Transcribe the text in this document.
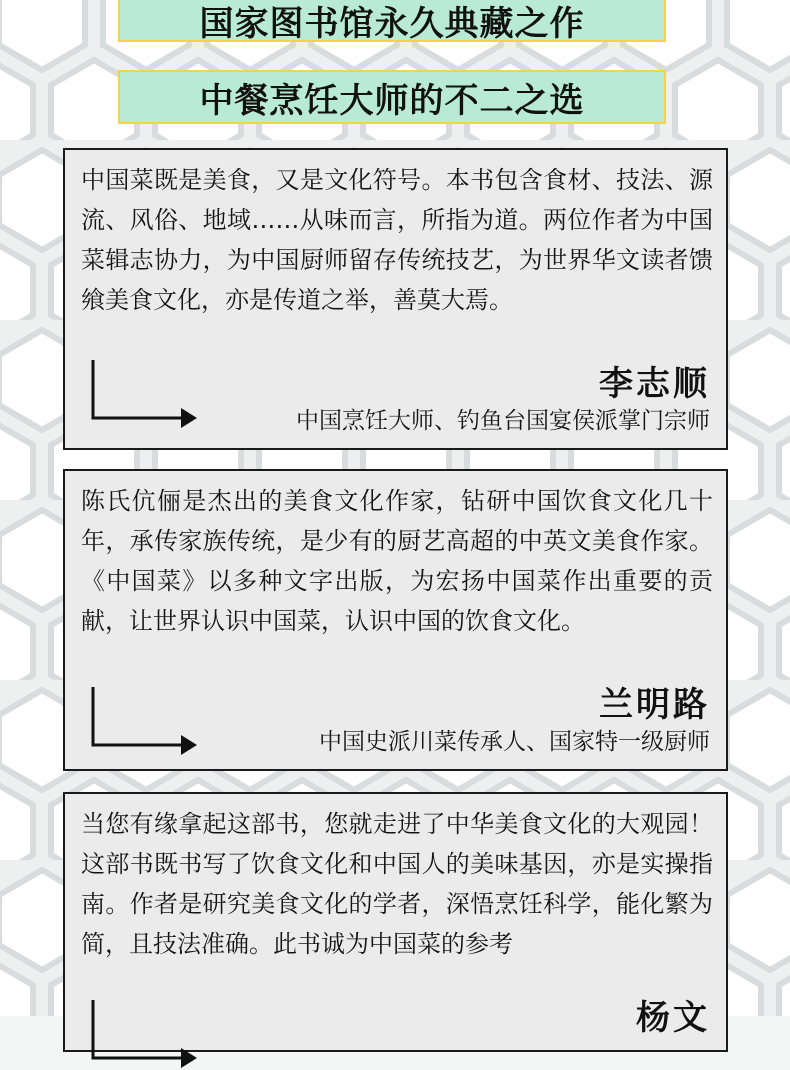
国家图书馆永久典藏之作
中餐烹饪大师的不二之选

中国菜既是美食，又是文化符号。本书包含食材、技法、源流、风俗、地域……从味而言，所指为道。两位作者为中国菜辑志协力，为中国厨师留存传统技艺，为世界华文读者馈飨美食文化，亦是传道之举，善莫大焉。

李志顺
中国烹饪大师、钓鱼台国宴侯派掌门宗师

陈氏伉俪是杰出的美食文化作家，钻研中国饮食文化几十年，承传家族传统，是少有的厨艺高超的中英文美食作家。《中国菜》以多种文字出版，为宏扬中国菜作出重要的贡献，让世界认识中国菜，认识中国的饮食文化。

兰明路
中国史派川菜传承人、国家特一级厨师

当您有缘拿起这部书，您就走进了中华美食文化的大观园！这部书既书写了饮食文化和中国人的美味基因，亦是实操指南。作者是研究美食文化的学者，深悟烹饪科学，能化繁为简，且技法准确。此书诚为中国菜的参考

杨文
